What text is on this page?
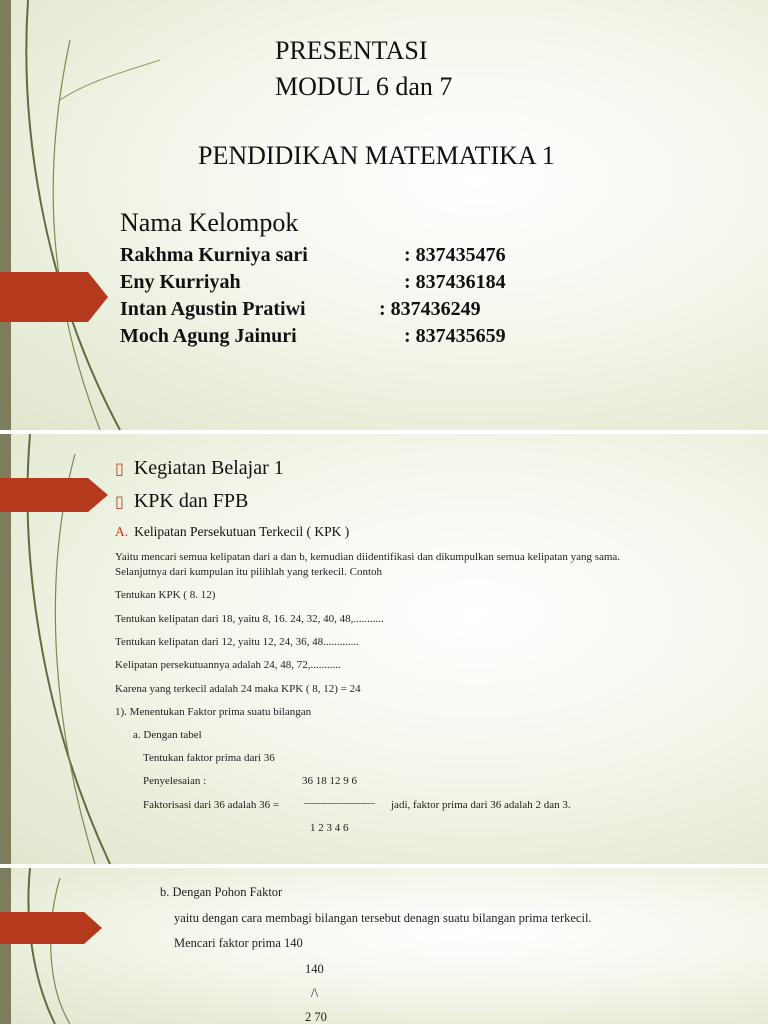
PRESENTASI

MODUL 6 dan 7

PENDIDIKAN MATEMATIKA 1

Nama Kelompok

Rakhma Kurniya sari	: 837435476
Eny Kurriyah	: 837436184
Intan Agustin Pratiwi	: 837436249
Moch Agung Jainuri	: 837435659
▯ Kegiatan Belajar 1
▯ KPK dan FPB

A. Kelipatan Persekutuan Terkecil ( KPK )

Yaitu mencari semua kelipatan dari a dan b, kemudian diidentifikasi dan dikumpulkan semua kelipatan yang sama.

Selanjutnya dari kumpulan itu pilihlah yang terkecil. Contoh

Tentukan KPK ( 8. 12)

Tentukan kelipatan dari 18, yaitu 8, 16. 24, 32, 40, 48,...........

Tentukan kelipatan dari 12, yaitu 12, 24, 36, 48.............

Kelipatan persekutuannya adalah 24, 48, 72,...........

Karena yang terkecil adalah 24 maka KPK ( 8, 12) = 24

1). Menentukan Faktor prima suatu bilangan

a. Dengan tabel

Tentukan faktor prima dari 36

Penyelesaian :	36 18 12 9 6

Faktorisasi dari 36 adalah 36 = ――――――― jadi, faktor prima dari 36 adalah 2 dan 3.

1 2 3 4 6

b. Dengan Pohon Faktor

yaitu dengan cara membagi bilangan tersebut denagn suatu bilangan prima terkecil.

Mencari faktor prima 140

140

/\

2 70
